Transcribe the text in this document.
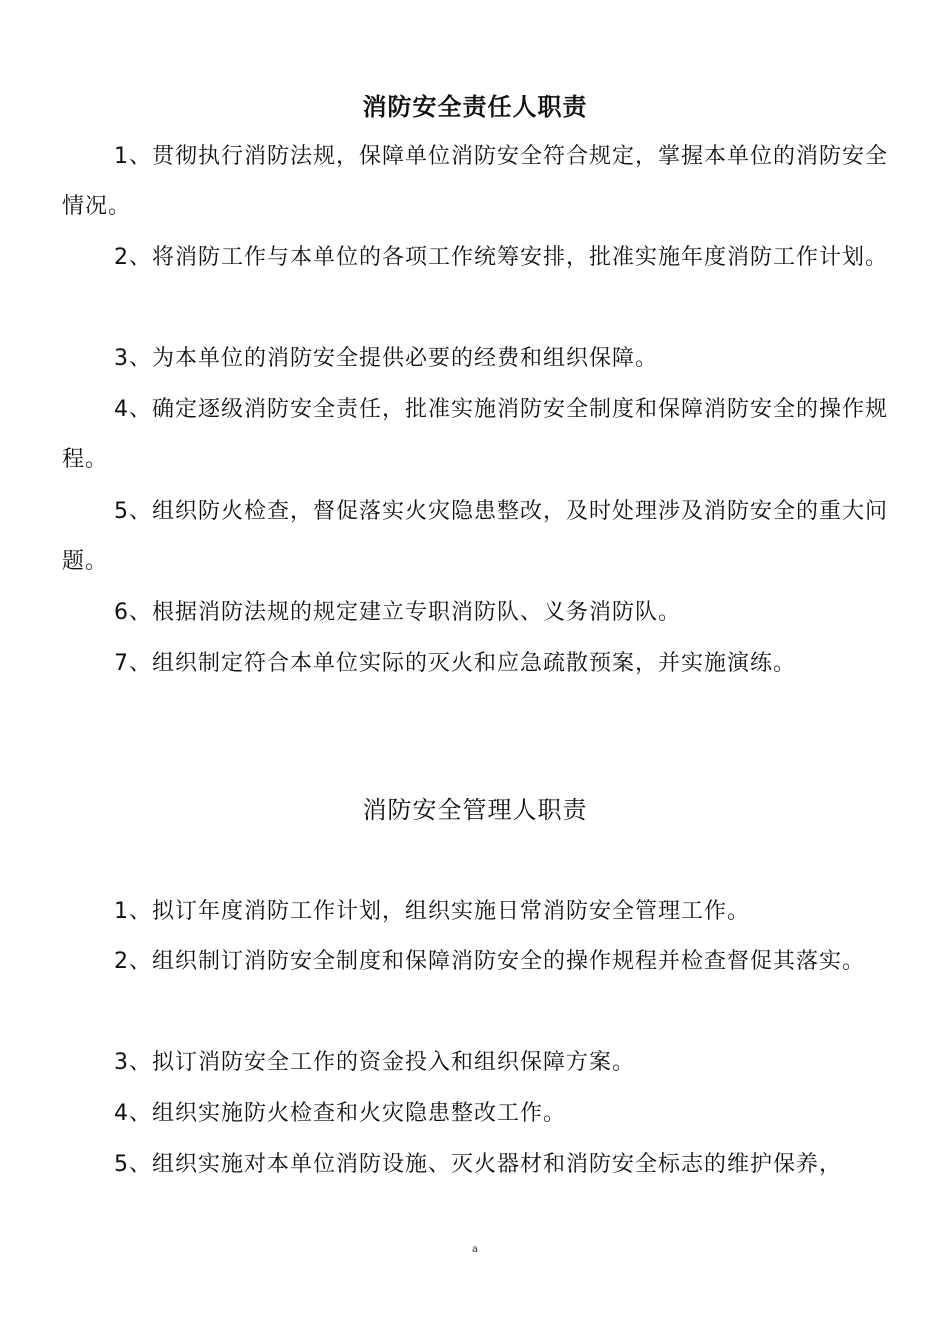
消防安全责任人职责

1、贯彻执行消防法规，保障单位消防安全符合规定，掌握本单位的消防安全情况。

2、将消防工作与本单位的各项工作统筹安排，批准实施年度消防工作计划。

3、为本单位的消防安全提供必要的经费和组织保障。

4、确定逐级消防安全责任，批准实施消防安全制度和保障消防安全的操作规程。

5、组织防火检查，督促落实火灾隐患整改，及时处理涉及消防安全的重大问题。

6、根据消防法规的规定建立专职消防队、义务消防队。

7、组织制定符合本单位实际的灭火和应急疏散预案，并实施演练。

消防安全管理人职责

1、拟订年度消防工作计划，组织实施日常消防安全管理工作。

2、组织制订消防安全制度和保障消防安全的操作规程并检查督促其落实。

3、拟订消防安全工作的资金投入和组织保障方案。

4、组织实施防火检查和火灾隐患整改工作。

5、组织实施对本单位消防设施、灭火器材和消防安全标志的维护保养，

a
